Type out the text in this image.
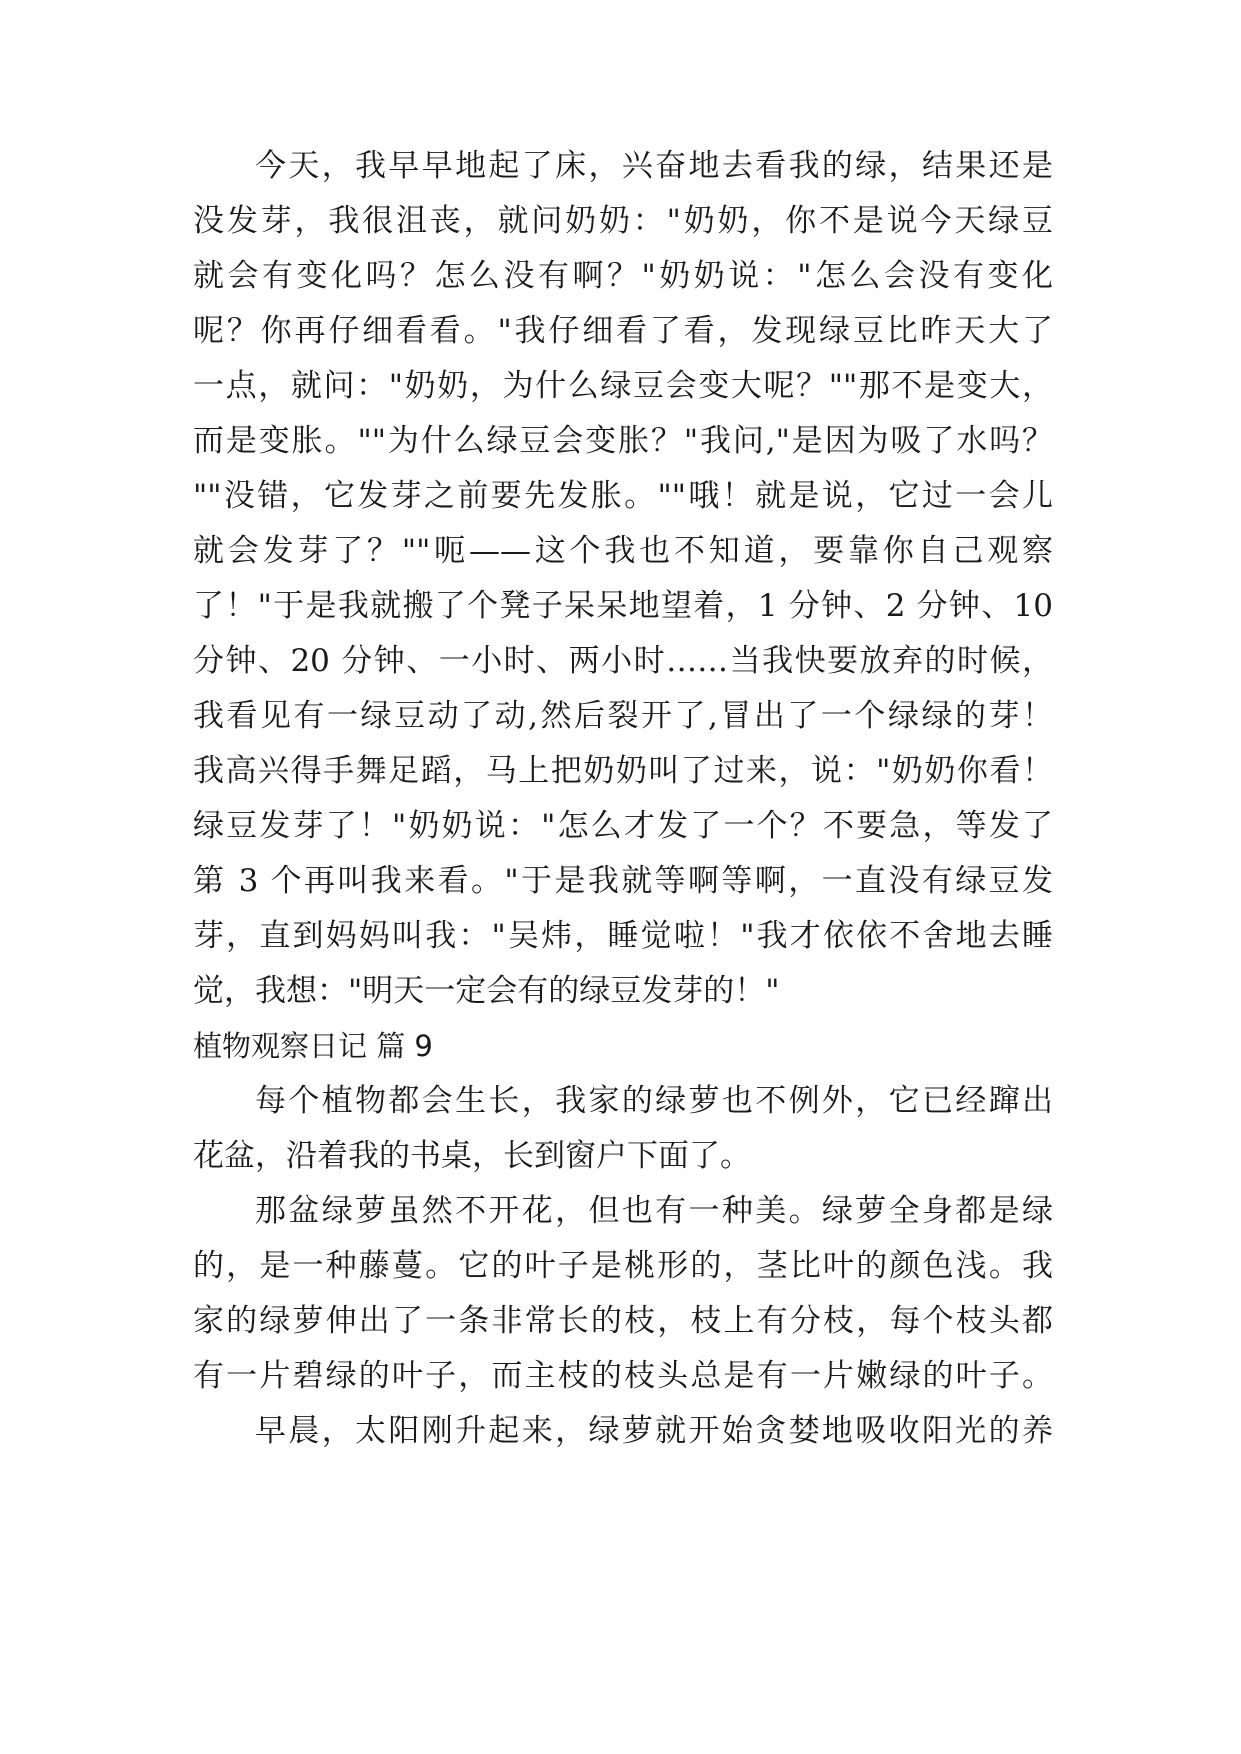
今天，我早早地起了床，兴奋地去看我的绿，结果还是
没发芽，我很沮丧，就问奶奶："奶奶，你不是说今天绿豆
就会有变化吗？怎么没有啊？"奶奶说："怎么会没有变化
呢？你再仔细看看。"我仔细看了看，发现绿豆比昨天大了
一点，就问："奶奶，为什么绿豆会变大呢？""那不是变大，
而是变胀。""为什么绿豆会变胀？"我问,"是因为吸了水吗？
""没错，它发芽之前要先发胀。""哦！就是说，它过一会儿
就会发芽了？""呃——这个我也不知道，要靠你自己观察
了！"于是我就搬了个凳子呆呆地望着，1 分钟、2 分钟、10
分钟、20 分钟、一小时、两小时……当我快要放弃的时候，
我看见有一绿豆动了动,然后裂开了,冒出了一个绿绿的芽！
我高兴得手舞足蹈，马上把奶奶叫了过来，说："奶奶你看！
绿豆发芽了！"奶奶说："怎么才发了一个？不要急，等发了
第 3 个再叫我来看。"于是我就等啊等啊，一直没有绿豆发
芽，直到妈妈叫我："吴炜，睡觉啦！"我才依依不舍地去睡
觉，我想："明天一定会有的绿豆发芽的！"
植物观察日记 篇 9
每个植物都会生长，我家的绿萝也不例外，它已经蹿出
花盆，沿着我的书桌，长到窗户下面了。
那盆绿萝虽然不开花，但也有一种美。绿萝全身都是绿
的，是一种藤蔓。它的叶子是桃形的，茎比叶的颜色浅。我
家的绿萝伸出了一条非常长的枝，枝上有分枝，每个枝头都
有一片碧绿的叶子，而主枝的枝头总是有一片嫩绿的叶子。
早晨，太阳刚升起来，绿萝就开始贪婪地吸收阳光的养
